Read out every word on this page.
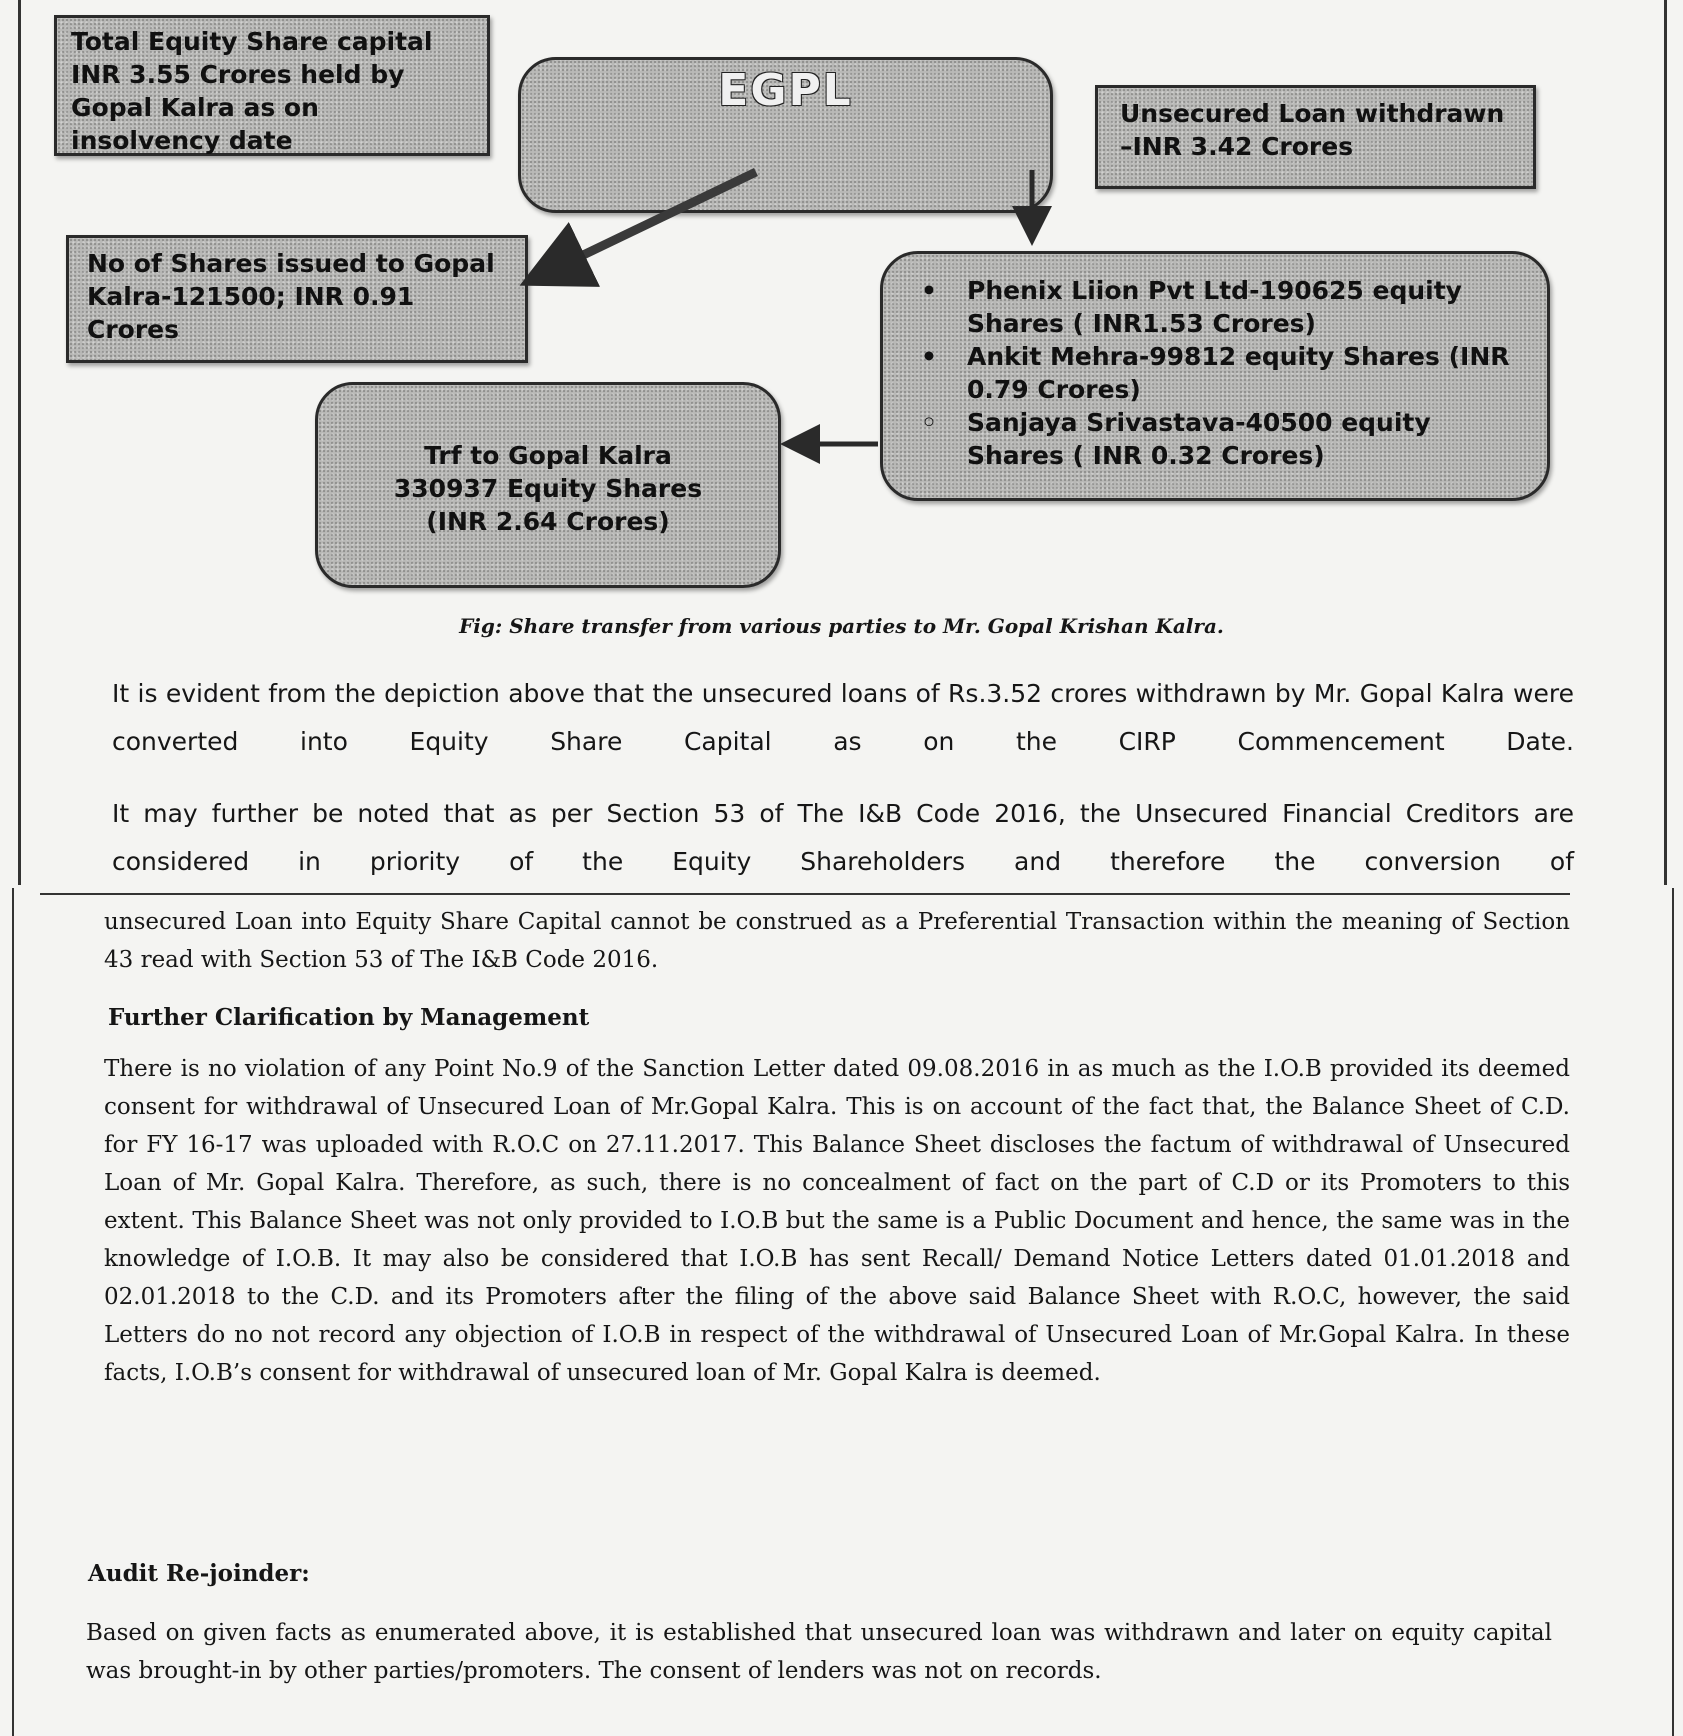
Total Equity Share capital INR 3.55 Crores held by Gopal Kalra as on insolvency date
EGPL	Unsecured Loan withdrawn –INR 3.42 Crores
No of Shares issued to Gopal Kalra-121500; INR 0.91 Crores
• Phenix Liion Pvt Ltd-190625 equity Shares ( INR1.53 Crores)
• Ankit Mehra-99812 equity Shares (INR 0.79 Crores)
◦ Sanjaya Srivastava-40500 equity Shares ( INR 0.32 Crores)
Trf to Gopal Kalra
330937 Equity Shares
(INR 2.64 Crores)
Fig: Share transfer from various parties to Mr. Gopal Krishan Kalra.

It is evident from the depiction above that the unsecured loans of Rs.3.52 crores withdrawn by Mr. Gopal Kalra were converted into Equity Share Capital as on the CIRP Commencement Date.

It may further be noted that as per Section 53 of The I&B Code 2016, the Unsecured Financial Creditors are considered in priority of the Equity Shareholders and therefore the conversion of

unsecured Loan into Equity Share Capital cannot be construed as a Preferential Transaction within the meaning of Section 43 read with Section 53 of The I&B Code 2016.

Further Clarification by Management

There is no violation of any Point No.9 of the Sanction Letter dated 09.08.2016 in as much as the I.O.B provided its deemed consent for withdrawal of Unsecured Loan of Mr.Gopal Kalra. This is on account of the fact that, the Balance Sheet of C.D. for FY 16-17 was uploaded with R.O.C on 27.11.2017. This Balance Sheet discloses the factum of withdrawal of Unsecured Loan of Mr. Gopal Kalra. Therefore, as such, there is no concealment of fact on the part of C.D or its Promoters to this extent. This Balance Sheet was not only provided to I.O.B but the same is a Public Document and hence, the same was in the knowledge of I.O.B. It may also be considered that I.O.B has sent Recall/ Demand Notice Letters dated 01.01.2018 and 02.01.2018 to the C.D. and its Promoters after the filing of the above said Balance Sheet with R.O.C, however, the said Letters do no not record any objection of I.O.B in respect of the withdrawal of Unsecured Loan of Mr.Gopal Kalra. In these facts, I.O.B’s consent for withdrawal of unsecured loan of Mr. Gopal Kalra is deemed.

Audit Re-joinder:

Based on given facts as enumerated above, it is established that unsecured loan was withdrawn and later on equity capital was brought-in by other parties/promoters. The consent of lenders was not on records.
